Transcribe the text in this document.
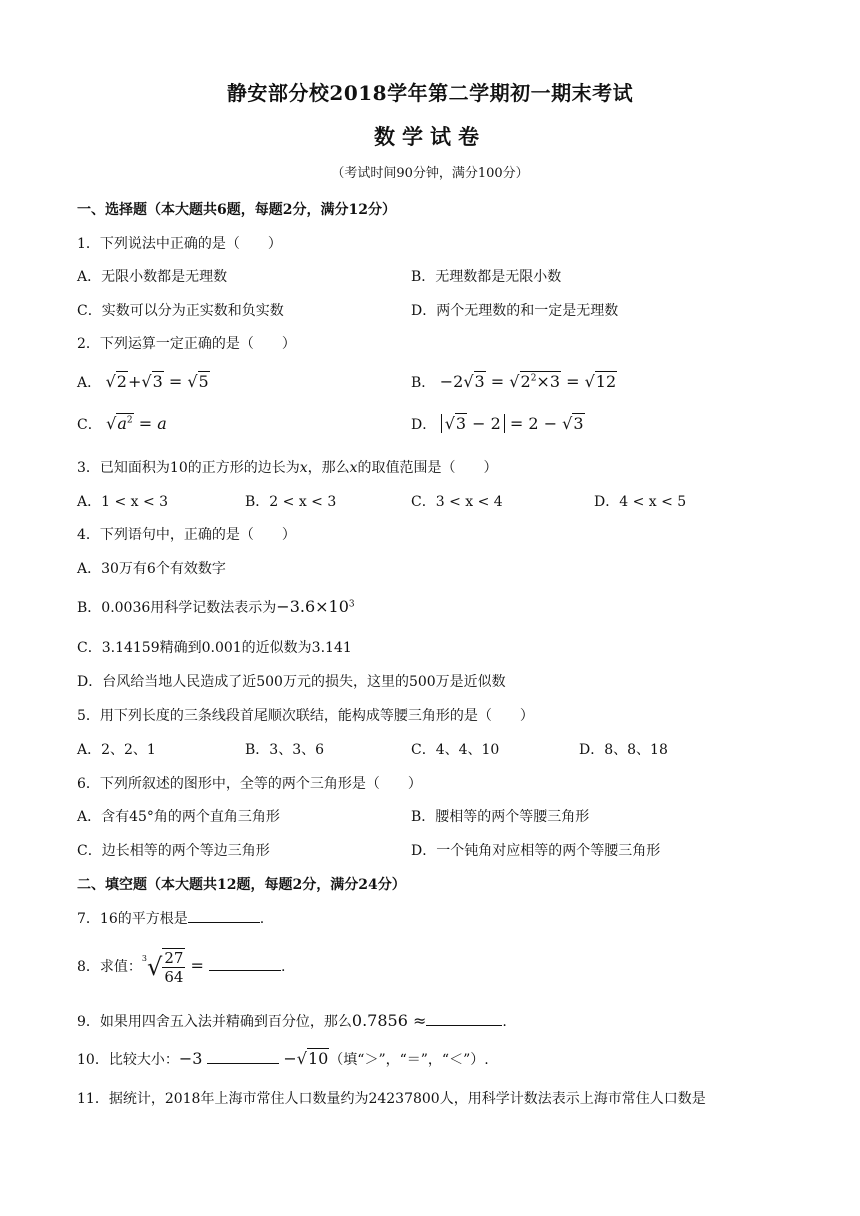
静安部分校2018学年第二学期初一期末考试
数学试卷
（考试时间90分钟，满分100分）
一、选择题（本大题共6题，每题2分，满分12分）
1．下列说法中正确的是（　　）
A．无限小数都是无理数	B．无理数都是无限小数
C．实数可以分为正实数和负实数	D．两个无理数的和一定是无理数
2．下列运算一定正确的是（　　）
A． √2+√3 = √5	B． $-2√3 = √2^2\times 3 = √12$
C． $√a^2 = a$	D． √3 − 2 = 2 − √3
3．已知面积为10的正方形的边长为x，那么x的取值范围是（　　）
A．1 < x < 3	B．2 < x < 3	C．3 < x < 4	D．4 < x < 5
4．下列语句中，正确的是（　　）
A．30万有6个有效数字
B．0.0036用科学记数法表示为$-3.6\times 10^3$
C．3.14159精确到0.001的近似数为3.141
D．台风给当地人民造成了近500万元的损失，这里的500万是近似数
5．用下列长度的三条线段首尾顺次联结，能构成等腰三角形的是（　　）
A．2、2、1	B．3、3、6	C．4、4、10	D．8、8、18
6．下列所叙述的图形中，全等的两个三角形是（　　）
A．含有45°角的两个直角三角形	B．腰相等的两个等腰三角形
C．边长相等的两个等边三角形	D．一个钝角对应相等的两个等腰三角形
二、填空题（本大题共12题，每题2分，满分24分）
7．16的平方根是	.
8．求值：$^3√ \frac{27}{64}$ =	.
9．如果用四舍五入法并精确到百分位，那么0.7856 ≈	.
10．比较大小：−3	−√10（填“＞”，“＝”，“＜”）.
11．据统计，2018年上海市常住人口数量约为24237800人，用科学计数法表示上海市常住人口数是
